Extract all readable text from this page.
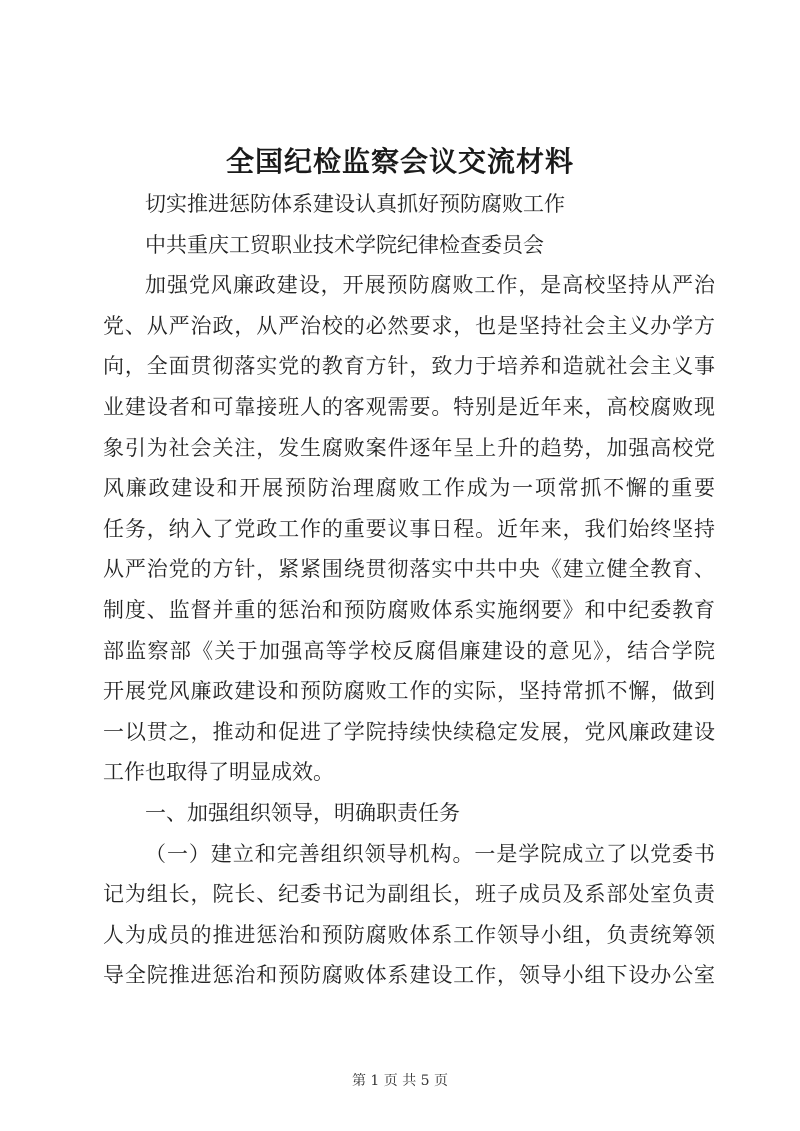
全国纪检监察会议交流材料
切实推进惩防体系建设认真抓好预防腐败工作
中共重庆工贸职业技术学院纪律检查委员会
加强党风廉政建设，开展预防腐败工作，是高校坚持从严治
党、从严治政，从严治校的必然要求，也是坚持社会主义办学方
向，全面贯彻落实党的教育方针，致力于培养和造就社会主义事
业建设者和可靠接班人的客观需要。特别是近年来，高校腐败现
象引为社会关注，发生腐败案件逐年呈上升的趋势，加强高校党
风廉政建设和开展预防治理腐败工作成为一项常抓不懈的重要
任务，纳入了党政工作的重要议事日程。近年来，我们始终坚持
从严治党的方针，紧紧围绕贯彻落实中共中央《建立健全教育、
制度、监督并重的惩治和预防腐败体系实施纲要》和中纪委教育
部监察部《关于加强高等学校反腐倡廉建设的意见》，结合学院
开展党风廉政建设和预防腐败工作的实际，坚持常抓不懈，做到
一以贯之，推动和促进了学院持续快续稳定发展，党风廉政建设
工作也取得了明显成效。
一、加强组织领导，明确职责任务
（一）建立和完善组织领导机构。一是学院成立了以党委书
记为组长，院长、纪委书记为副组长，班子成员及系部处室负责
人为成员的推进惩治和预防腐败体系工作领导小组，负责统筹领
导全院推进惩治和预防腐败体系建设工作，领导小组下设办公室
第 1 页 共 5 页
